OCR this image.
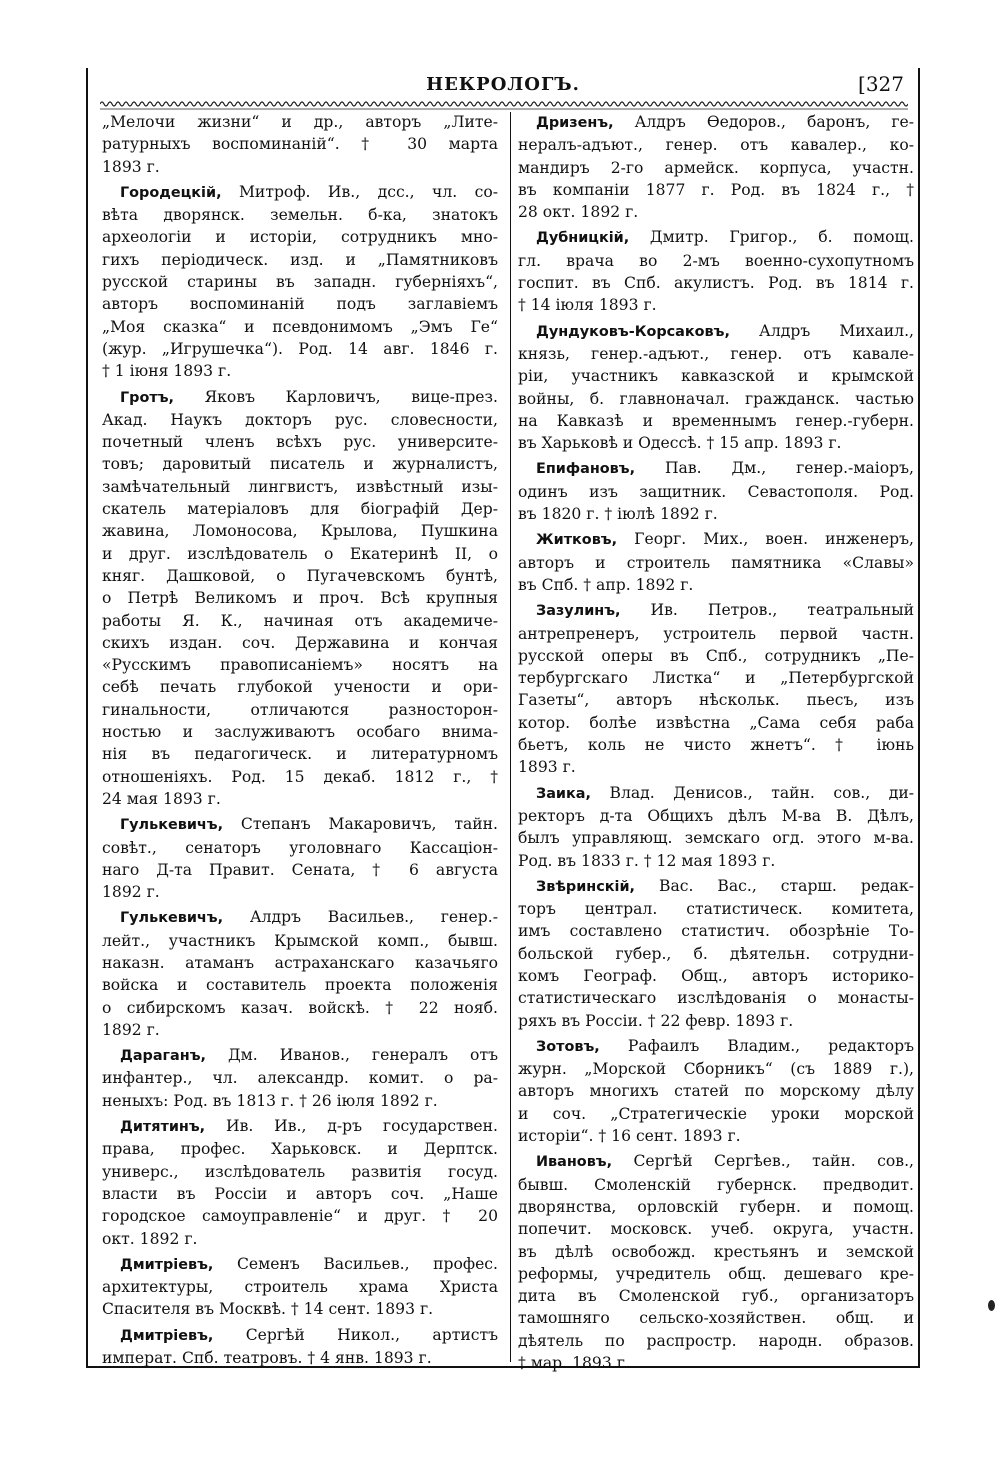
НЕКРОЛОГЪ.	[327
„Мелочи жизни“ и др., авторъ „Лите-
ратурныхъ воспоминаній“. † 30 марта
1893 г.
Городецкій, Митроф. Ив., дсс., чл. со-
вѣта дворянск. земельн. б-ка, знатокъ
археологіи и исторіи, сотрудникъ мно-
гихъ періодическ. изд. и „Памятниковъ
русской старины въ западн. губерніяхъ“,
авторъ воспоминаній подъ заглавіемъ
„Моя сказка“ и псевдонимомъ „Эмъ Ге“
(жур. „Игрушечка“). Род. 14 авг. 1846 г.
† 1 іюня 1893 г.
Гротъ, Яковъ Карловичъ, вице-през.
Акад. Наукъ докторъ рус. словесности,
почетный членъ всѣхъ рус. университе-
товъ; даровитый писатель и журналистъ,
замѣчательный лингвистъ, извѣстный изы-
скатель матеріаловъ для біографій Дер-
жавина, Ломоносова, Крылова, Пушкина
и друг. изслѣдователь о Екатеринѣ II, о
княг. Дашковой, о Пугачевскомъ бунтѣ,
о Петрѣ Великомъ и проч. Всѣ крупныя
работы Я. К., начиная отъ академиче-
скихъ издан. соч. Державина и кончая
«Русскимъ правописаніемъ» носятъ на
себѣ печать глубокой учености и ори-
гинальности, отличаются разносторон-
ностью и заслуживаютъ особаго внима-
нія въ педагогическ. и литературномъ
отношеніяхъ. Род. 15 декаб. 1812 г., †
24 мая 1893 г.
Гулькевичъ, Степанъ Макаровичъ, тайн.
совѣт., сенаторъ уголовнаго Кассаціон-
наго Д-та Правит. Сената, † 6 августа
1892 г.
Гулькевичъ, Алдръ Васильев., генер.-
лейт., участникъ Крымской комп., бывш.
наказн. атаманъ астраханскаго казачьяго
войска и составитель проекта положенія
о сибирскомъ казач. войскѣ. † 22 нояб.
1892 г.
Дараганъ, Дм. Иванов., генералъ отъ
инфантер., чл. александр. комит. о ра-
неныхъ: Род. въ 1813 г. † 26 іюля 1892 г.
Дитятинъ, Ив. Ив., д-ръ государствен.
права, профес. Харьковск. и Дерптск.
универс., изслѣдователь развитія госуд.
власти въ Россіи и авторъ соч. „Наше
городское самоуправленіе“ и друг. † 20
окт. 1892 г.
Дмитріевъ, Семенъ Васильев., профес.
архитектуры, строитель храма Христа
Спасителя въ Москвѣ. † 14 сент. 1893 г.
Дмитріевъ, Сергѣй Никол., артистъ
императ. Спб. театровъ. † 4 янв. 1893 г.
Дризенъ, Алдръ Ѳедоров., баронъ, ге-
нералъ-адъют., генер. отъ кавалер., ко-
мандиръ 2-го армейск. корпуса, участн.
въ компаніи 1877 г. Род. въ 1824 г., †
28 окт. 1892 г.
Дубницкій, Дмитр. Григор., б. помощ.
гл. врача во 2-мъ военно-сухопутномъ
госпит. въ Спб. акулистъ. Род. въ 1814 г.
† 14 іюля 1893 г.
Дундуковъ-Корсаковъ, Алдръ Михаил.,
князь, генер.-адъют., генер. отъ кавале-
ріи, участникъ кавказской и крымской
войны, б. главноначал. гражданск. частью
на Кавказѣ и временнымъ генер.-губерн.
въ Харьковѣ и Одессѣ. † 15 апр. 1893 г.
Епифановъ, Пав. Дм., генер.-маіоръ,
одинъ изъ защитник. Севастополя. Род.
въ 1820 г. † іюлѣ 1892 г.
Житковъ, Георг. Мих., воен. инженеръ,
авторъ и строитель памятника «Славы»
въ Спб. † апр. 1892 г.
Зазулинъ, Ив. Петров., театральный
антрепренеръ, устроитель первой частн.
русской оперы въ Спб., сотрудникъ „Пе-
тербургскаго Листка“ и „Петербургской
Газеты“, авторъ нѣскольк. пьесъ, изъ
котор. болѣе извѣстна „Сама себя раба
бьетъ, коль не чисто жнетъ“. † іюнь
1893 г.
Заика, Влад. Денисов., тайн. сов., ди-
ректоръ д-та Общихъ дѣлъ М-ва В. Дѣлъ,
былъ управляющ. земскаго огд. этого м-ва.
Род. въ 1833 г. † 12 мая 1893 г.
Звѣринскій, Вас. Вас., старш. редак-
торъ централ. статистическ. комитета,
имъ составлено статистич. обозрѣніе То-
больской губер., б. дѣятельн. сотрудни-
комъ Географ. Общ., авторъ историко-
статистическаго изслѣдованія о монасты-
ряхъ въ Россіи. † 22 февр. 1893 г.
Зотовъ, Рафаилъ Владим., редакторъ
журн. „Морской Сборникъ“ (съ 1889 г.),
авторъ многихъ статей по морскому дѣлу
и соч. „Стратегическіе уроки морской
исторіи“. † 16 сент. 1893 г.
Ивановъ, Сергѣй Сергѣев., тайн. сов.,
бывш. Смоленскій губернск. предводит.
дворянства, орловскій губерн. и помощ.
попечит. московск. учеб. округа, участн.
въ дѣлѣ освобожд. крестьянъ и земской
реформы, учредитель общ. дешеваго кре-
дита въ Смоленской губ., организаторъ
тамошняго сельско-хозяйствен. общ. и
дѣятель по распростр. народн. образов.
† мар. 1893 г.
